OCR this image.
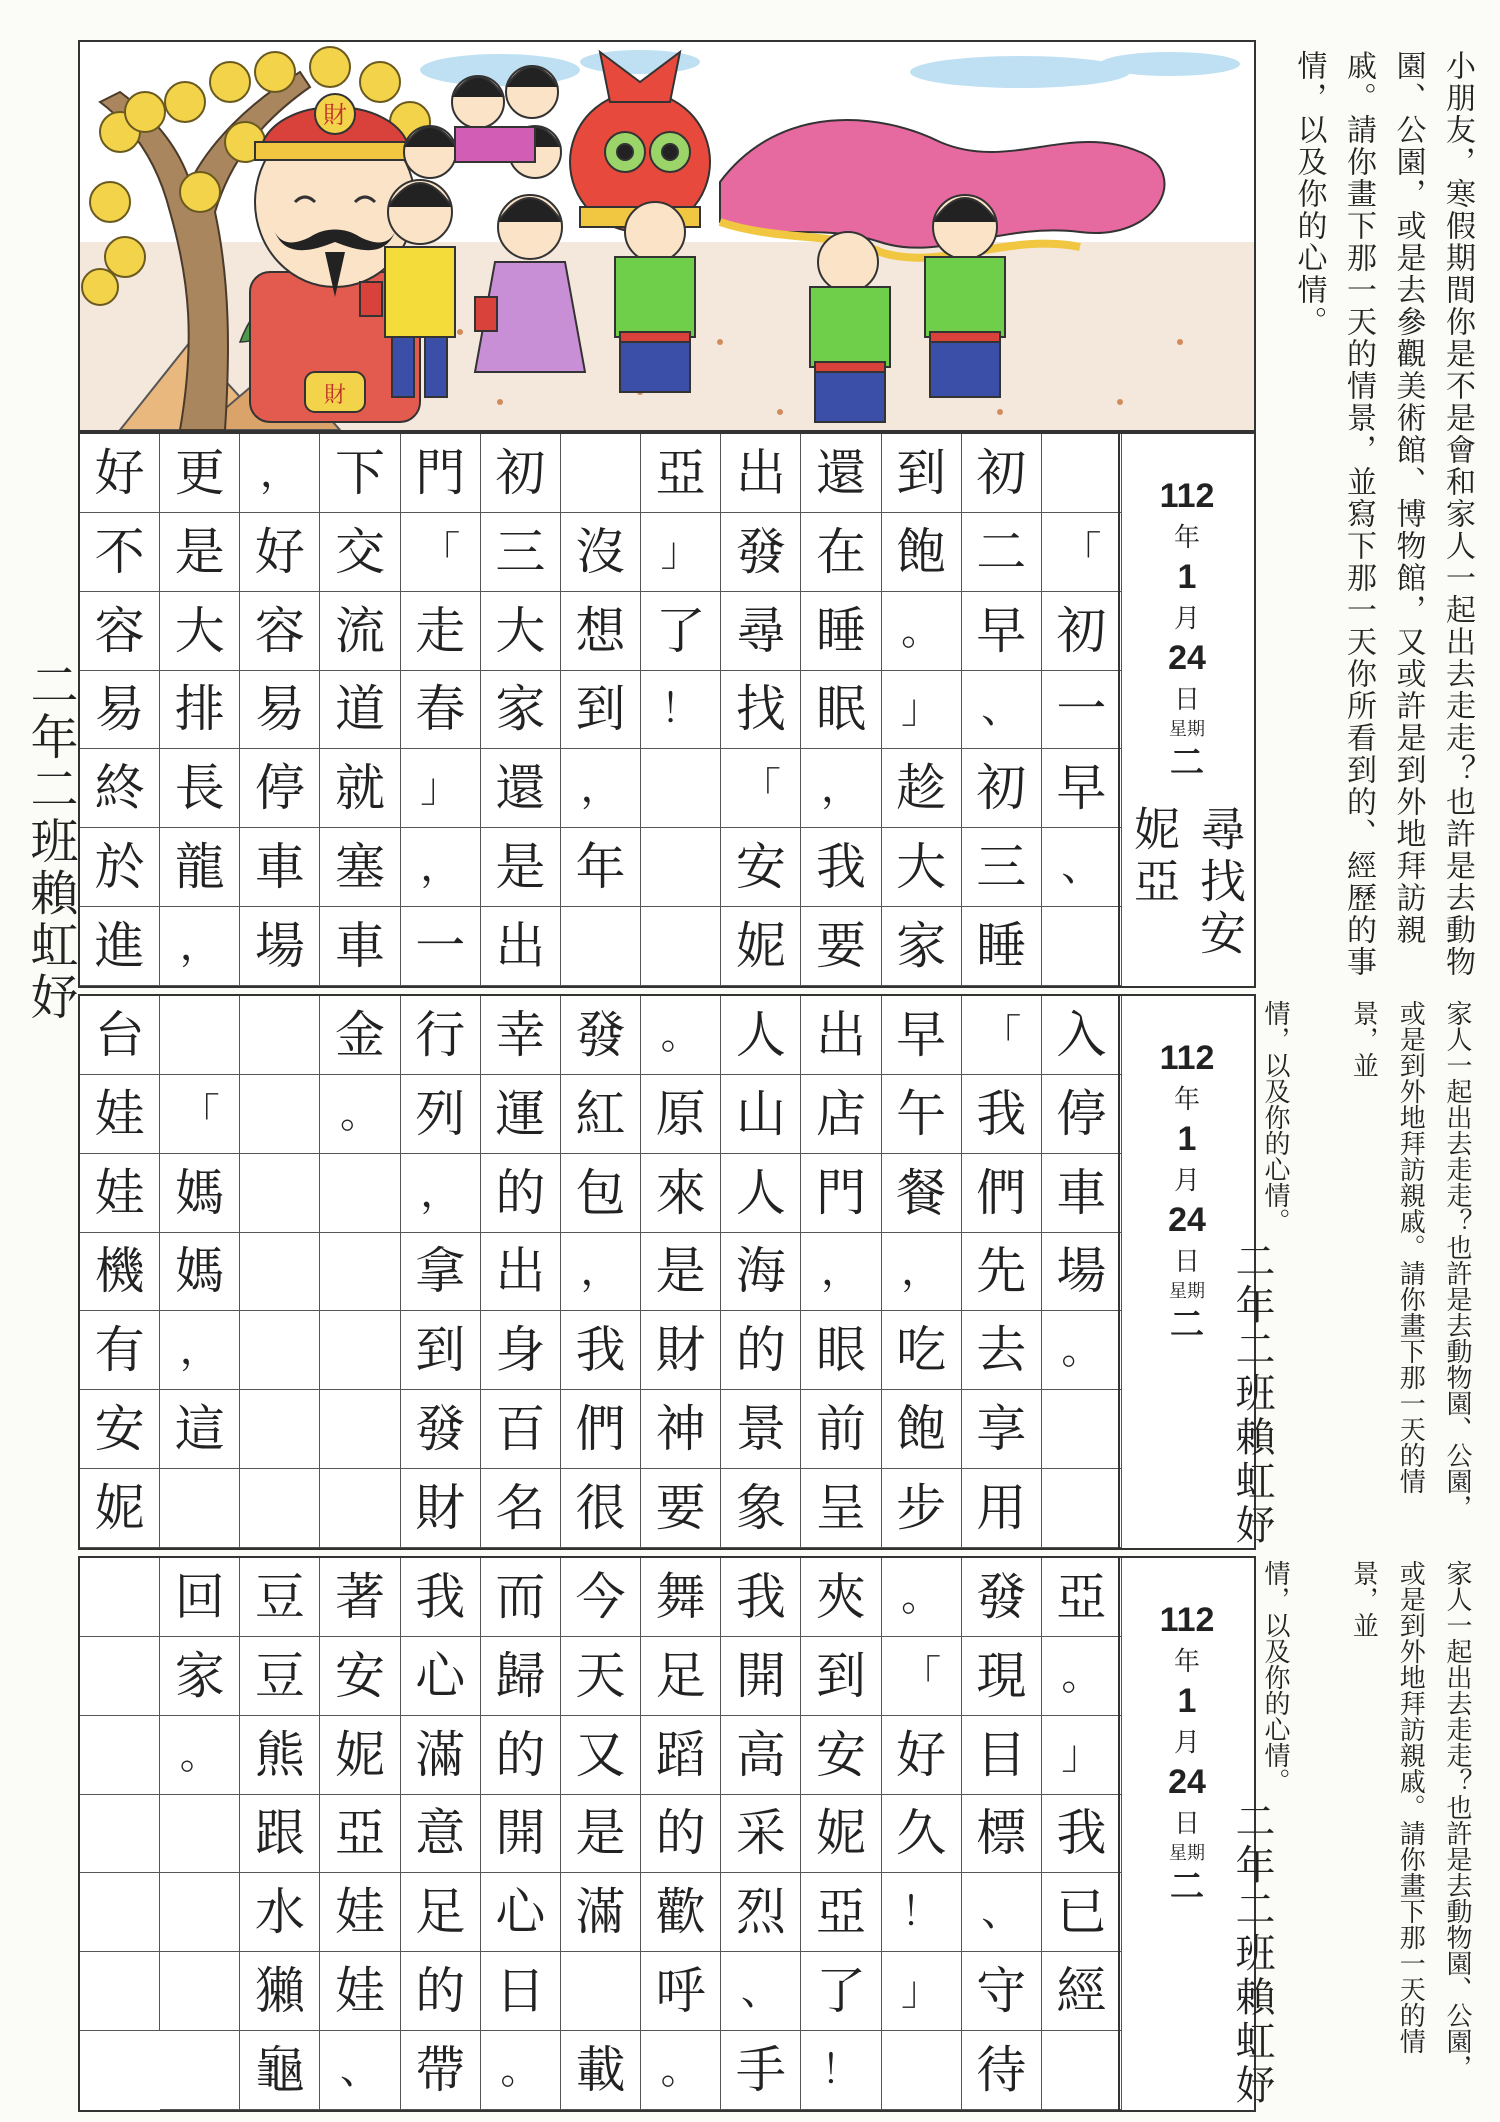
財
財
「
初
一
早
、
初
二
早
、
初
三
睡
到
飽
。
」
趁
大
家
還
在
睡
眠
，
我
要
出
發
尋
找
「
安
妮
亞
」
了
！
沒
想
到
，
年
初
三
大
家
還
是
出
門
「
走
春
」
，
一
下
交
流
道
就
塞
車
，
好
容
易
停
車
場
更
是
大
排
長
龍
，
好
不
容
易
終
於
進
112
年
1
月
24
日
星期
二
尋找安妮亞
入
停
車
場
。
「
我
們
先
去
享
用
早
午
餐
，
吃
飽
步
出
店
門
，
眼
前
呈
人
山
人
海
的
景
象
。
原
來
是
財
神
要
發
紅
包
，
我
們
很
幸
運
的
出
身
百
名
行
列
，
拿
到
發
財
金
。
「
媽
媽
，
這
台
娃
娃
機
有
安
妮
112
年
1
月
24
日
星期
二
亞
。
」
我
已
經
發
現
目
標
、
守
待
。
「
好
久
！
」
夾
到
安
妮
亞
了
！
我
開
高
采
烈
、
手
舞
足
蹈
的
歡
呼
。
今
天
又
是
滿
載
而
歸
的
開
心
日
。
我
心
滿
意
足
的
帶
著
安
妮
亞
娃
娃
、
豆
豆
熊
跟
水
獺
龜
回
家
。
112
年
1
月
24
日
星期
二
小朋友，寒假期間你是不是會和家人一起出去走走？也許是去動物園、公園，或是去參觀美術館、博物館，又或許是到外地拜訪親戚。請你畫下那一天的情景，並寫下那一天你所看到的、經歷的事情，以及你的心情。
家人一起出去走走？也許是去動物園、公園，或是到外地拜訪親戚。請你畫下那一天的情景，並
情，以及你的心情。
家人一起出去走走？也許是去動物園、公園，或是到外地拜訪親戚。請你畫下那一天的情景，並
情，以及你的心情。
二年二班賴虹妤
二年二班賴虹妤
二年二班賴虹妤
